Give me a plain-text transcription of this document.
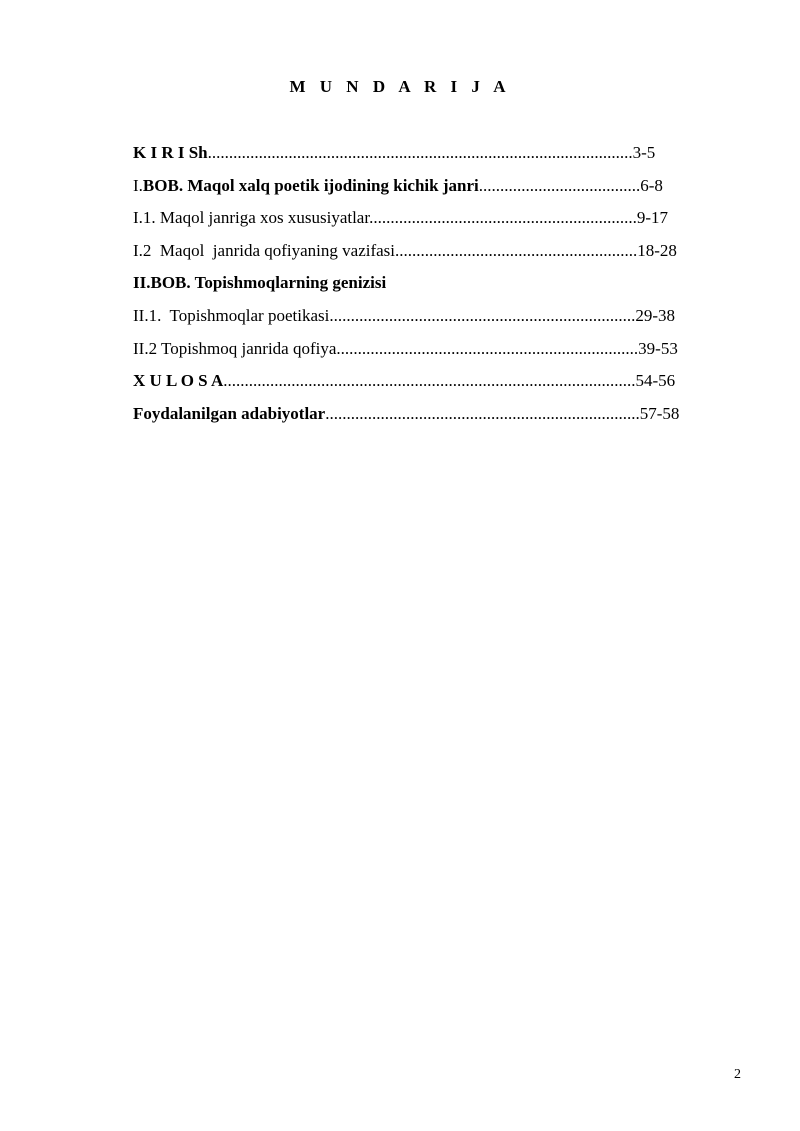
M U N D A R I J A
K I R I Sh....................................................................................................3-5
I.BOB. Maqol xalq poetik ijodining kichik janri......................................6-8
I.1. Maqol janriga xos xususiyatlar...............................................................9-17
I.2  Maqol  janrida qofiyaning vazifasi.........................................................18-28
II.BOB. Topishmoqlarning genizisi
II.1.  Topishmoqlar poetikasi........................................................................29-38
II.2 Topishmoq janrida qofiya.......................................................................39-53
X U L O S A.................................................................................................54-56
Foydalanilgan adabiyotlar..........................................................................57-58
2
